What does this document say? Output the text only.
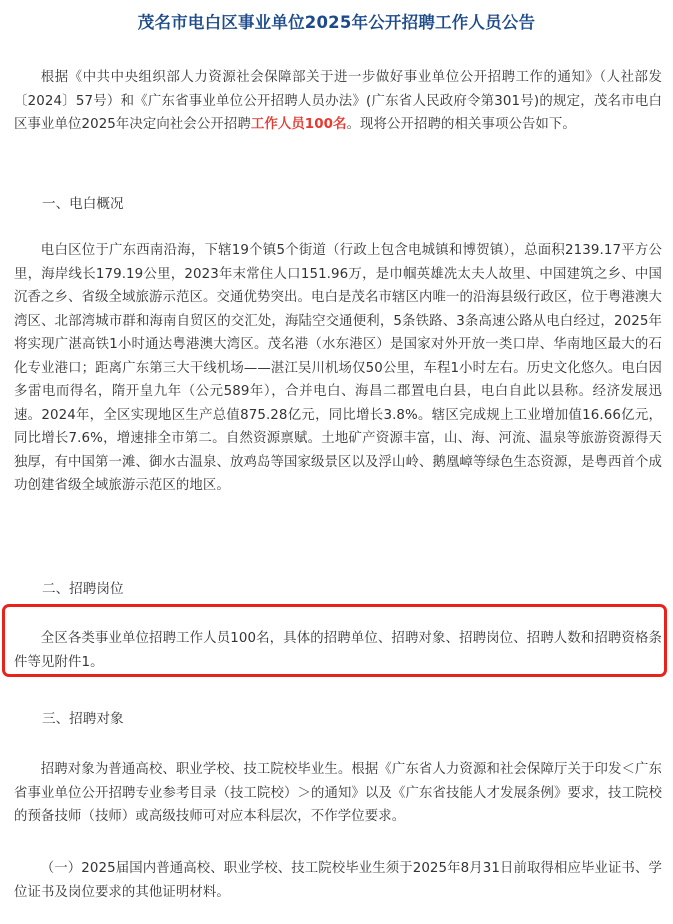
茂名市电白区事业单位2025年公开招聘工作人员公告

根据《中共中央组织部人力资源社会保障部关于进一步做好事业单位公开招聘工作的通知》（人社部发〔2024〕57号）和《广东省事业单位公开招聘人员办法》(广东省人民政府令第301号)的规定，茂名市电白区事业单位2025年决定向社会公开招聘工作人员100名。现将公开招聘的相关事项公告如下。

一、电白概况

电白区位于广东西南沿海，下辖19个镇5个街道（行政上包含电城镇和博贺镇），总面积2139.17平方公里，海岸线长179.19公里，2023年末常住人口151.96万，是巾帼英雄冼太夫人故里、中国建筑之乡、中国沉香之乡、省级全域旅游示范区。交通优势突出。电白是茂名市辖区内唯一的沿海县级行政区，位于粤港澳大湾区、北部湾城市群和海南自贸区的交汇处，海陆空交通便利，5条铁路、3条高速公路从电白经过，2025年将实现广湛高铁1小时通达粤港澳大湾区。茂名港（水东港区）是国家对外开放一类口岸、华南地区最大的石化专业港口；距离广东第三大干线机场——湛江吴川机场仅50公里，车程1小时左右。历史文化悠久。电白因多雷电而得名，隋开皇九年（公元589年），合并电白、海昌二郡置电白县，电白自此以县称。经济发展迅速。2024年，全区实现地区生产总值875.28亿元，同比增长3.8%。辖区完成规上工业增加值16.66亿元，同比增长7.6%，增速排全市第二。自然资源禀赋。土地矿产资源丰富，山、海、河流、温泉等旅游资源得天独厚，有中国第一滩、御水古温泉、放鸡岛等国家级景区以及浮山岭、鹅凰嶂等绿色生态资源，是粤西首个成功创建省级全域旅游示范区的地区。

二、招聘岗位

全区各类事业单位招聘工作人员100名，具体的招聘单位、招聘对象、招聘岗位、招聘人数和招聘资格条件等见附件1。

三、招聘对象

招聘对象为普通高校、职业学校、技工院校毕业生。根据《广东省人力资源和社会保障厅关于印发＜广东省事业单位公开招聘专业参考目录（技工院校）＞的通知》以及《广东省技能人才发展条例》要求，技工院校的预备技师（技师）或高级技师可对应本科层次，不作学位要求。

（一）2025届国内普通高校、职业学校、技工院校毕业生须于2025年8月31日前取得相应毕业证书、学位证书及岗位要求的其他证明材料。
